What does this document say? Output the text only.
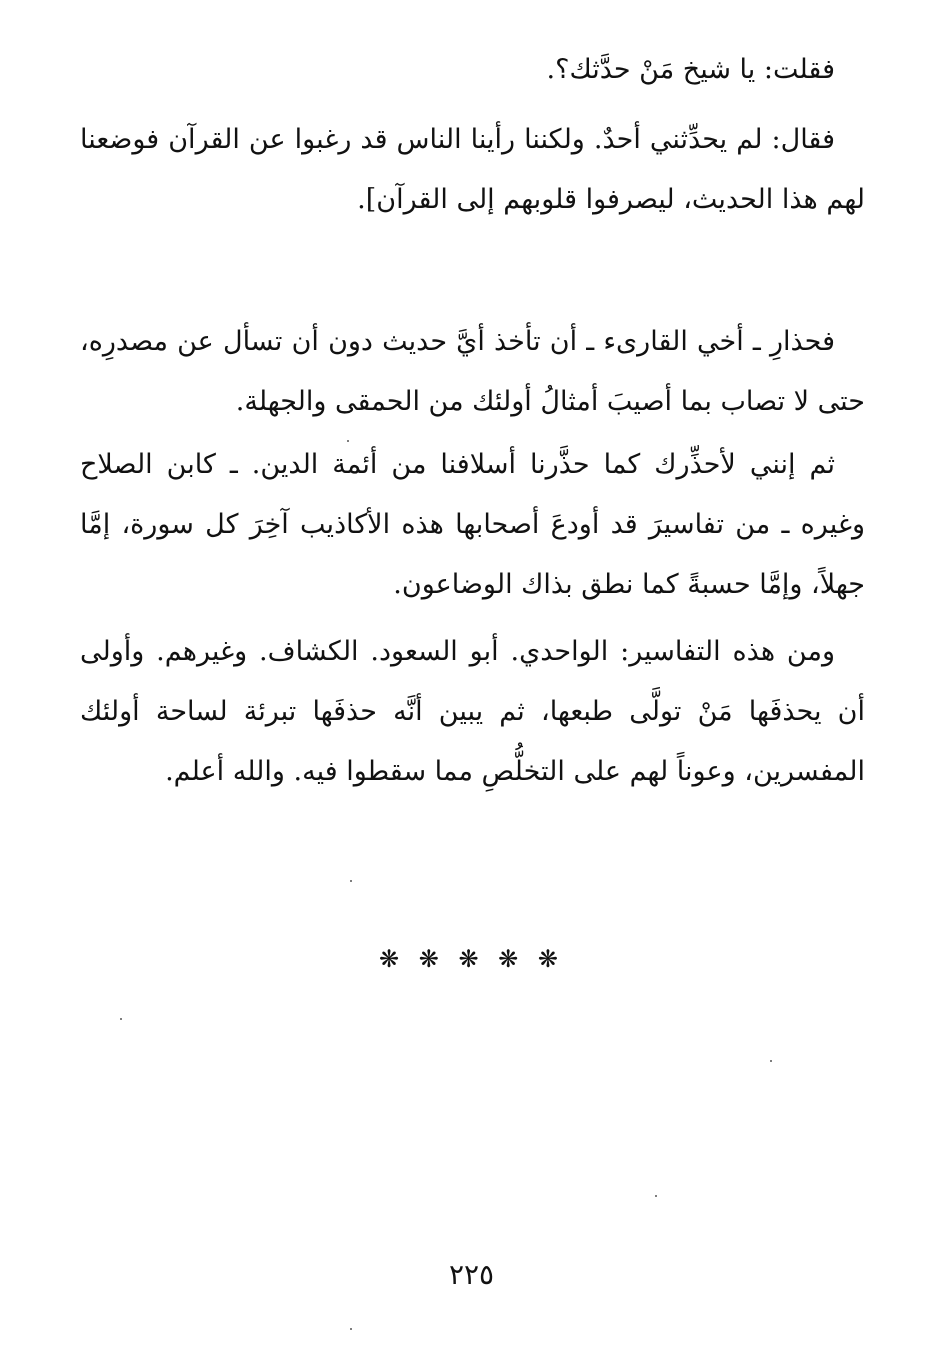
فقلت: يا شيخ مَنْ حدَّثك؟.
فقال: لم يحدِّثني أحدٌ. ولكننا رأينا الناس قد رغبوا عن القرآن فوضعنا
لهم هذا الحديث، ليصرفوا قلوبهم إلى القرآن].
فحذارِ ـ أخي القارىء ـ أن تأخذ أيَّ حديث دون أن تسأل عن مصدرِه،
حتى لا تصاب بما أصيبَ أمثالُ أولئك من الحمقى والجهلة.
ثم إنني لأحذِّرك كما حذَّرنا أسلافنا من أئمة الدين. ـ كابن الصلاح
وغيره ـ من تفاسيرَ قد أودعَ أصحابها هذه الأكاذيب آخِرَ كل سورة، إمَّا
جهلاً، وإمَّا حسبةً كما نطق بذاك الوضاعون.
ومن هذه التفاسير: الواحدي. أبو السعود. الكشاف. وغيرهم. وأولى
أن يحذفَها مَنْ تولَّى طبعها، ثم يبين أنَّه حذفَها تبرئة لساحة أولئك
المفسرين، وعوناً لهم على التخلُّصِ مما سقطوا فيه. والله أعلم.
❋ ❋ ❋ ❋ ❋
٢٢٥
